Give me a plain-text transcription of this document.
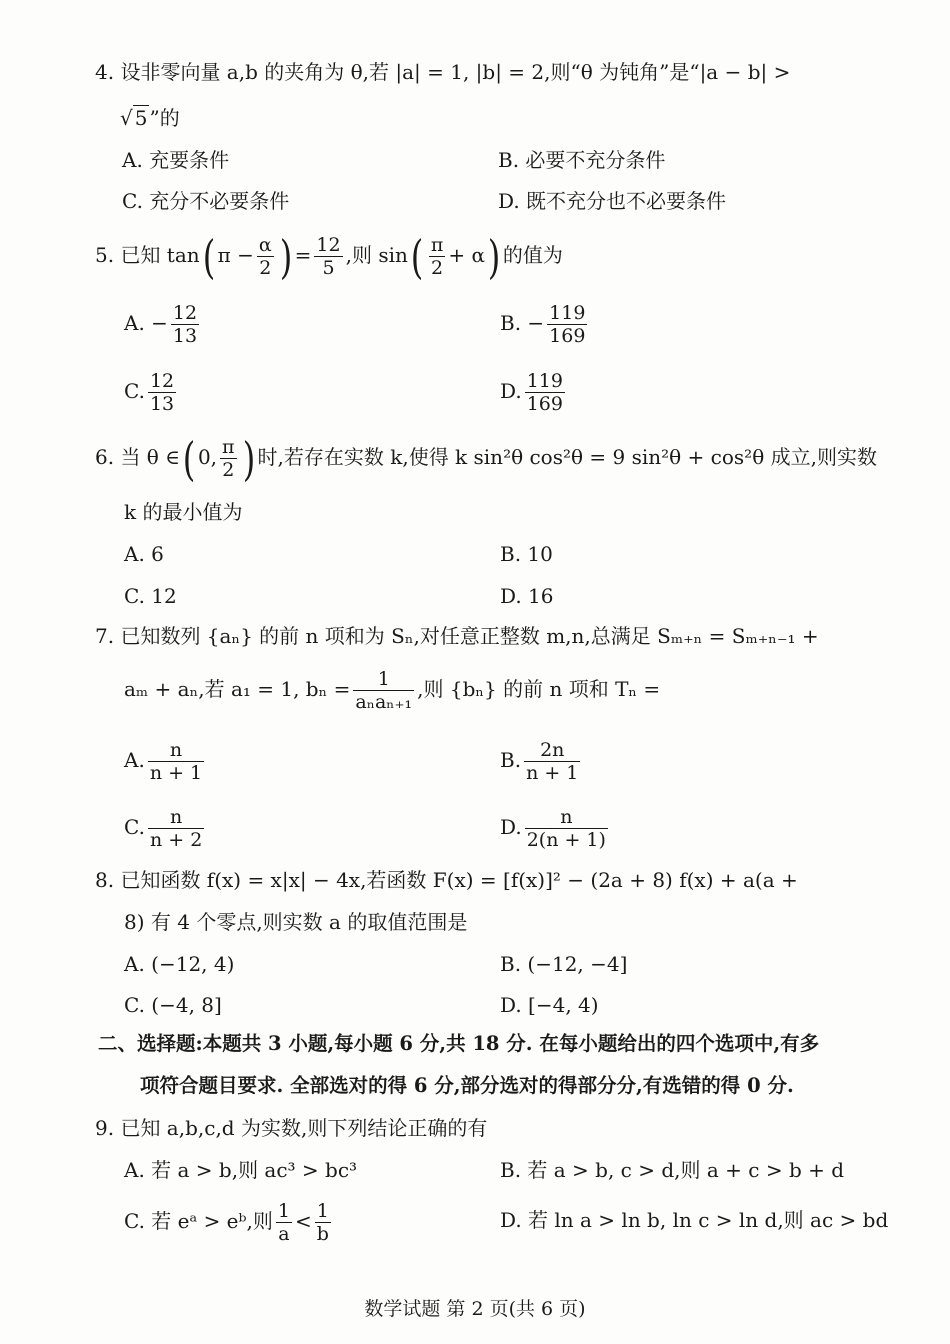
4. 设非零向量 a,b 的夹角为 θ,若 |a| = 1, |b| = 2,则“θ 为钝角”是“|a − b| >
√ 5 ”的
A. 充要条件	B. 必要不充分条件
C. 充分不必要条件	D. 既不充分也不必要条件
5. 已知 tan( $\pi - \frac{\alpha}{2}$ ) = $\frac{12}{5}$ ,则 $\sin( \frac{\pi}{2} + \alpha)$ 的值为
A. − $\frac{12}{13}$	B. − $\frac{119}{169}$
C. $\frac{12}{13}$	D. $\frac{119}{169}$
6. 当 θ ∈( 0, $\frac{\pi}{2}$ ) 时,若存在实数 k,使得 k sin²θ cos²θ = 9 sin²θ + cos²θ 成立,则实数
k 的最小值为
A. 6	B. 10
C. 12	D. 16
7. 已知数列 {aₙ} 的前 n 项和为 Sₙ,对任意正整数 m,n,总满足 Sₘ₊ₙ = Sₘ₊ₙ₋₁ +
aₘ + aₙ,若 a₁ = 1, $b_n = \frac{1}{\text{aₙaₙ₊₁}}$ ,则 {bₙ} 的前 n 项和 Tₙ =
A. $\frac{n}{n + 1}$	B. $\frac{2n}{n + 1}$
C. $\frac{n}{n + 2}$	D. $\frac{n}{2(n + 1)}$
8. 已知函数 f(x) = x|x| − 4x,若函数 F(x) = [f(x)]² − (2a + 8) f(x) + a(a +
8) 有 4 个零点,则实数 a 的取值范围是
A. (−12, 4)	B. (−12, −4]
C. (−4, 8]	D. [−4, 4)
二、选择题:本题共 3 小题,每小题 6 分,共 18 分. 在每小题给出的四个选项中,有多
项符合题目要求. 全部选对的得 6 分,部分选对的得部分分,有选错的得 0 分.
9. 已知 a,b,c,d 为实数,则下列结论正确的有
A. 若 a > b,则 ac³ > bc³	B. 若 a > b, c > d,则 a + c > b + d
C. 若 eᵃ > eᵇ,则 $\frac{1}{a} < \frac{1}{b}$	D. 若 ln a > ln b, ln c > ln d,则 ac > bd
数学试题 第 2 页(共 6 页)
